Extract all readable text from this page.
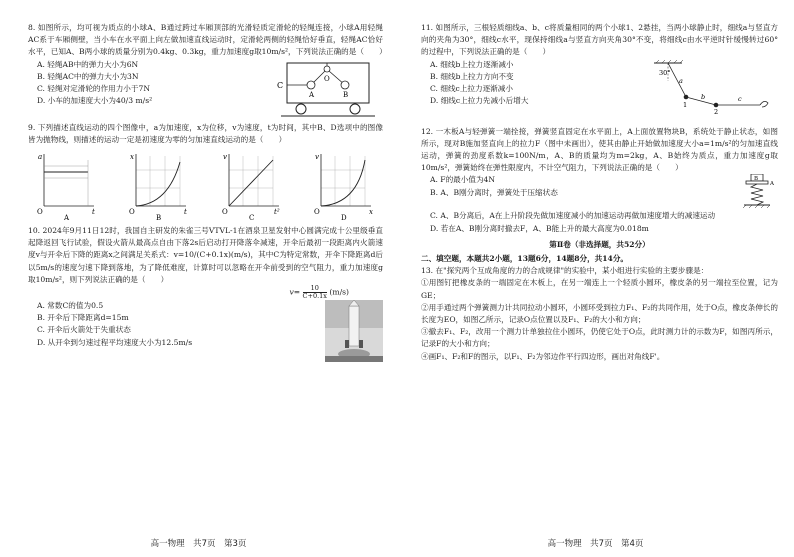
8. 如图所示，均可视为质点的小球A、B通过跨过车厢顶部的光滑轻质定滑轮的轻绳连接，小球A用轻绳AC系于车厢侧壁，当小车在水平面上向左做加速直线运动时，定滑轮两侧的轻绳恰好垂直，轻绳AC恰好水平，已知A、B两小球的质量分别为0.4kg、0.3kg，重力加速度g取10m/s²，下列说法正确的是（　　）

A. 轻绳AB中的弹力大小为6N

B. 轻绳AC中的弹力大小为3N

C. 轻绳对定滑轮的作用力小于7N

D. 小车的加速度大小为40/3 m/s²

C
O
A	B

9. 下列描述直线运动的四个图像中，a为加速度，x为位移，v为速度，t为时间，其中B、D选项中的图像皆为抛物线，则描述的运动一定是初速度为零的匀加速直线运动的是（　　）

a
t
O
A
x
t
O
B
v
t²
O
C
v
x
O
D

10. 2024年9月11日12时，我国自主研发的朱雀三号VTVL-1在酒泉卫星发射中心圆满完成十公里级垂直起降返回飞行试验，假设火箭从最高点自由下落2s后启动打开降落伞减速，开伞后最初一段距离内火箭速度v与开伞后下降的距离x之间满足关系式：v=10/(C+0.1x)(m/s)，其中C为特定常数，开伞下降距离d后以5m/s的速度匀速下降到落地，为了降低难度，计算时可以忽略在开伞前受到的空气阻力，重力加速度g取10m/s²，则下列说法正确的是（　　）

$v= \frac{10}{C+0.1x} (m/s)$

A. 常数C的值为0.5

B. 开伞后下降距离d=15m

C. 开伞后火箭处于失重状态

D. 从开伞到匀速过程平均速度大小为12.5m/s

高一物理　共7页　第3页

11. 如图所示，三根轻质细线a、b、c将质量相同的两个小球1、2悬挂，当两小球静止时，细线a与竖直方向的夹角为30°，细线c水平，现保持细线a与竖直方向夹角30°不变，将细线c由水平逆时针缓慢转过60°的过程中，下列说法正确的是（　　）

A. 细线b上拉力逐渐减小

B. 细线b上拉力方向不变

C. 细线c上拉力逐渐减小

D. 细线c上拉力先减小后增大

30°
a
1
b
2
c

12. 一木板A与轻弹簧一端拴接，弹簧竖直固定在水平面上，A上面放置物块B，系统处于静止状态，如图所示，现对B施加竖直向上的拉力F（图中未画出），使其由静止开始做加速度大小a=1m/s²的匀加速直线运动，弹簧的劲度系数k=100N/m，A、B的质量均为m=2kg，A、B始终为质点，重力加速度g取10m/s²，弹簧始终在弹性限度内，不计空气阻力，下列说法正确的是（　　）

A. F的最小值为4N

B. A、B刚分离时，弹簧处于压缩状态

B
A

C. A、B分离后，A在上升阶段先做加速度减小的加速运动再做加速度增大的减速运动

D. 若在A、B刚分离时撤去F，A、B能上升的最大高度为0.018m

第Ⅱ卷（非选择题，共52分）

二、填空题，本题共2小题，13题6分，14题8分，共14分。

13. 在"探究两个互成角度的力的合成规律"的实验中，某小组进行实验的主要步骤是：

①用图钉把橡皮条的一端固定在木板上，在另一端连上一个轻质小圆环，橡皮条的另一端拉至位置，记为GE；

②用手通过两个弹簧测力计共同拉动小圆环，小圆环受到拉力F₁、F₂的共同作用，处于O点，橡皮条伸长的长度为EO，如图乙所示，记录O点位置以及F₁、F₂的大小和方向；

③撤去F₁、F₂，改用一个测力计单独拉住小圆环，仍使它处于O点，此时测力计的示数为F，如图丙所示，记录F的大小和方向；

④画F₁、F₂和F的图示，以F₁、F₂为邻边作平行四边形，画出对角线F'。

高一物理　共7页　第4页
